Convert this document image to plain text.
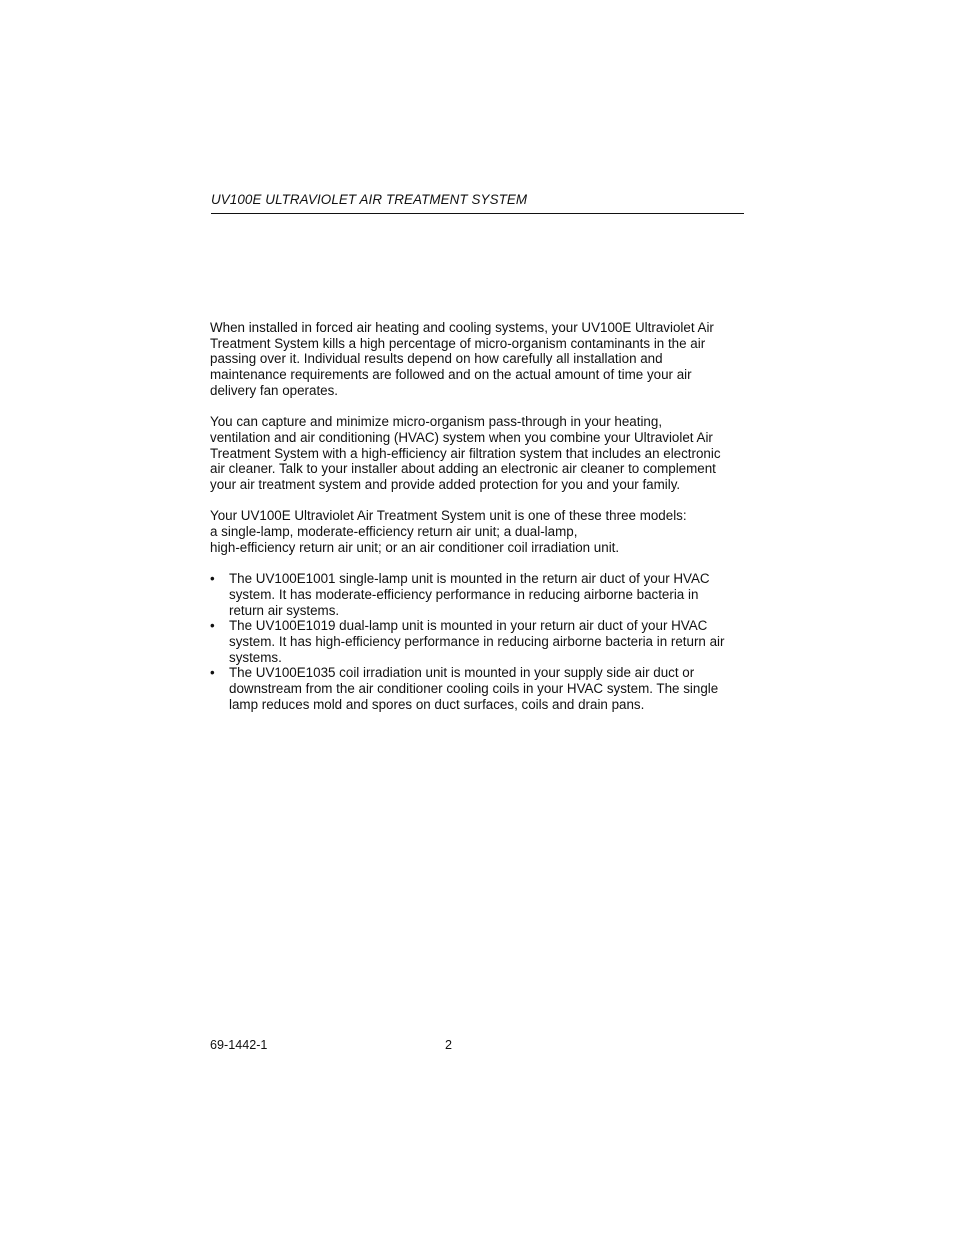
UV100E ULTRAVIOLET AIR TREATMENT SYSTEM

When installed in forced air heating and cooling systems, your UV100E Ultraviolet Air
Treatment System kills a high percentage of micro-organism contaminants in the air
passing over it. Individual results depend on how carefully all installation and
maintenance requirements are followed and on the actual amount of time your air
delivery fan operates.

You can capture and minimize micro-organism pass-through in your heating,
ventilation and air conditioning (HVAC) system when you combine your Ultraviolet Air
Treatment System with a high-efficiency air filtration system that includes an electronic
air cleaner. Talk to your installer about adding an electronic air cleaner to complement
your air treatment system and provide added protection for you and your family.

Your UV100E Ultraviolet Air Treatment System unit is one of these three models:
a single-lamp, moderate-efficiency return air unit; a dual-lamp,
high-efficiency return air unit; or an air conditioner coil irradiation unit.

• The UV100E1001 single-lamp unit is mounted in the return air duct of your HVAC
system. It has moderate-efficiency performance in reducing airborne bacteria in
return air systems.
• The UV100E1019 dual-lamp unit is mounted in your return air duct of your HVAC
system. It has high-efficiency performance in reducing airborne bacteria in return air
systems.
• The UV100E1035 coil irradiation unit is mounted in your supply side air duct or
downstream from the air conditioner cooling coils in your HVAC system. The single
lamp reduces mold and spores on duct surfaces, coils and drain pans.
69-1442-1	2
